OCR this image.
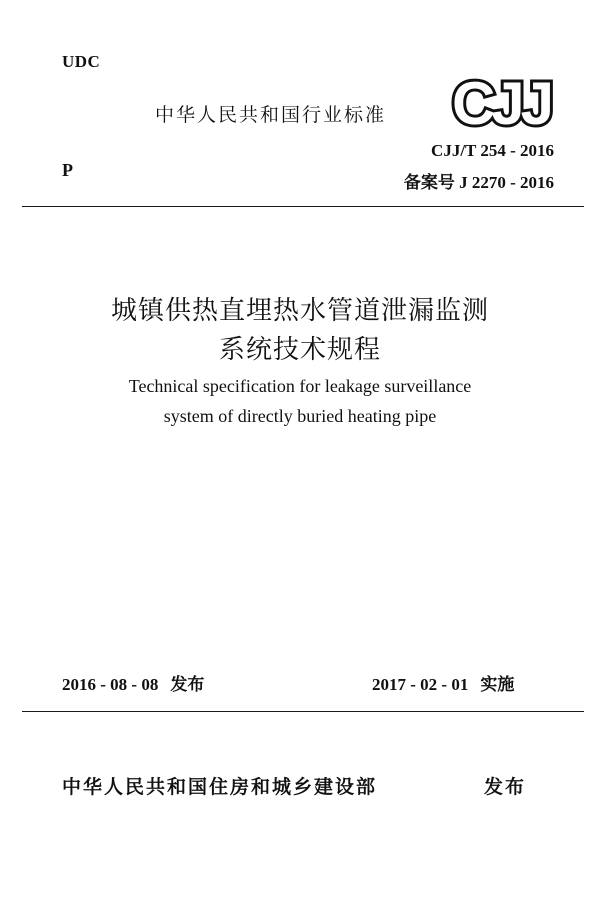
UDC
中华人民共和国行业标准 CJJ
CJJ/T 254 - 2016
P
备案号 J 2270 - 2016
城镇供热直埋热水管道泄漏监测
系统技术规程
Technical specification for leakage surveillance
system of directly buried heating pipe
2016 - 08 - 08 发布	2017 - 02 - 01 实施
中华人民共和国住房和城乡建设部	发布
